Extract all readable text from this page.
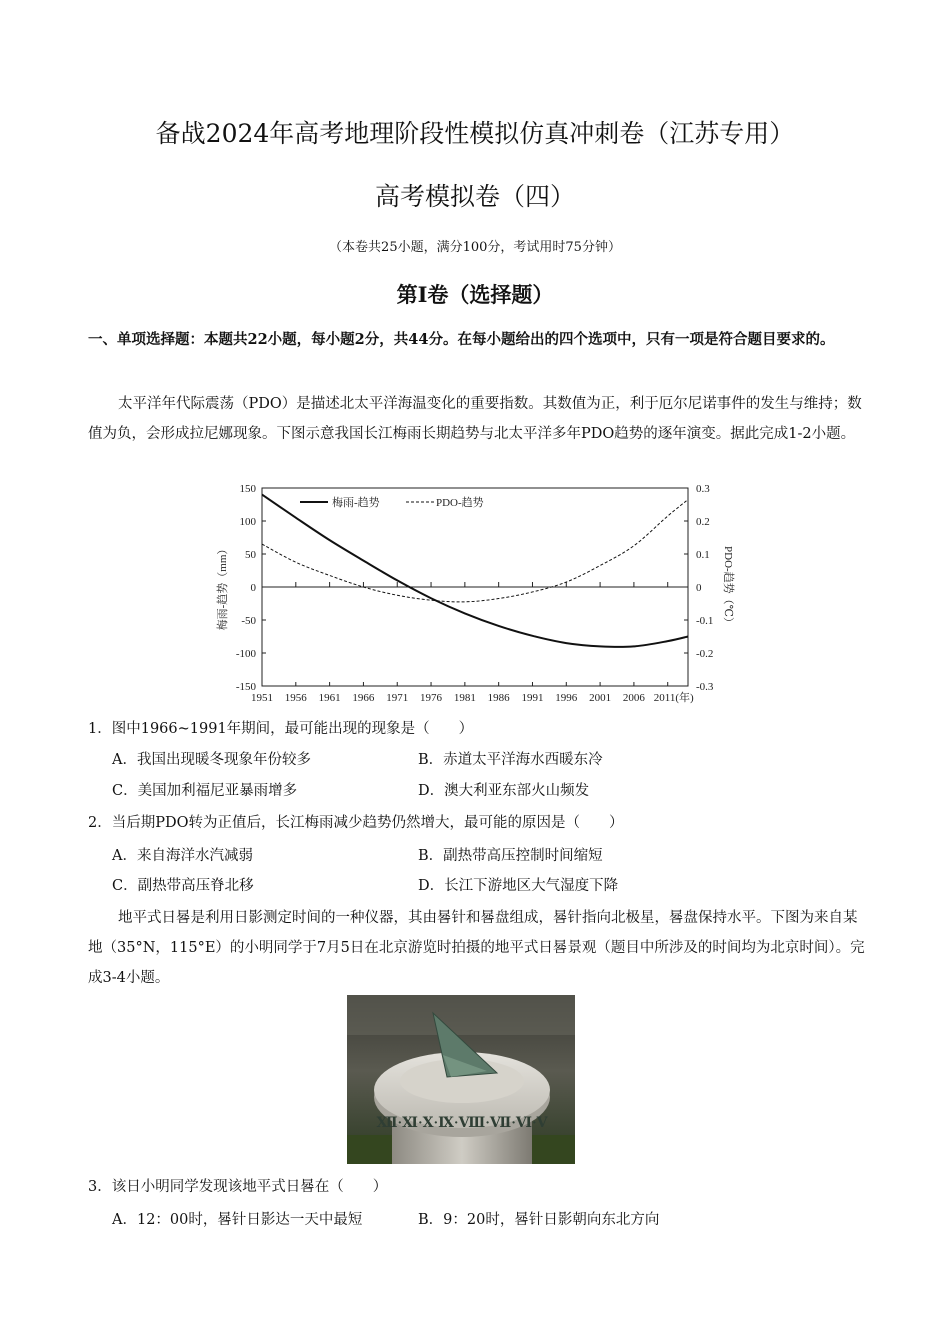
备战2024年高考地理阶段性模拟仿真冲刺卷（江苏专用）
高考模拟卷（四）
（本卷共25小题，满分100分，考试用时75分钟）
第I卷（选择题）
一、单项选择题：本题共22小题，每小题2分，共44分。在每小题给出的四个选项中，只有一项是符合题目要求的。
太平洋年代际震荡（PDO）是描述北太平洋海温变化的重要指数。其数值为正，利于厄尔尼诺事件的发生与维持；数值为负，会形成拉尼娜现象。下图示意我国长江梅雨长期趋势与北太平洋多年PDO趋势的逐年演变。据此完成1-2小题。
1951 1956 1961 1966 1971 1976 1981 1986 1991 1996 2001 2006 2011(年)
150
100
50
0
-50
-100
-150
0.3
0.2
0.1
0
-0.1
-0.2
-0.3
梅雨-趋势（mm）	PDO-趋势（℃）
梅雨-趋势	PDO-趋势
1．图中1966~1991年期间，最可能出现的现象是（　　）
A．我国出现暖冬现象年份较多	B．赤道太平洋海水西暖东冷
C．美国加利福尼亚暴雨增多	D．澳大利亚东部火山频发
2．当后期PDO转为正值后，长江梅雨减少趋势仍然增大，最可能的原因是（　　）
A．来自海洋水汽减弱	B．副热带高压控制时间缩短
C．副热带高压脊北移	D．长江下游地区大气湿度下降
地平式日晷是利用日影测定时间的一种仪器，其由晷针和晷盘组成，晷针指向北极星，晷盘保持水平。下图为来自某地（35°N，115°E）的小明同学于7月5日在北京游览时拍摄的地平式日晷景观（题目中所涉及的时间均为北京时间）。完成3-4小题。
Ⅻ·Ⅺ·Ⅹ·Ⅸ·Ⅷ·Ⅶ·Ⅵ·Ⅴ
3．该日小明同学发现该地平式日晷在（　　）
A．12：00时，晷针日影达一天中最短	B．9：20时，晷针日影朝向东北方向
